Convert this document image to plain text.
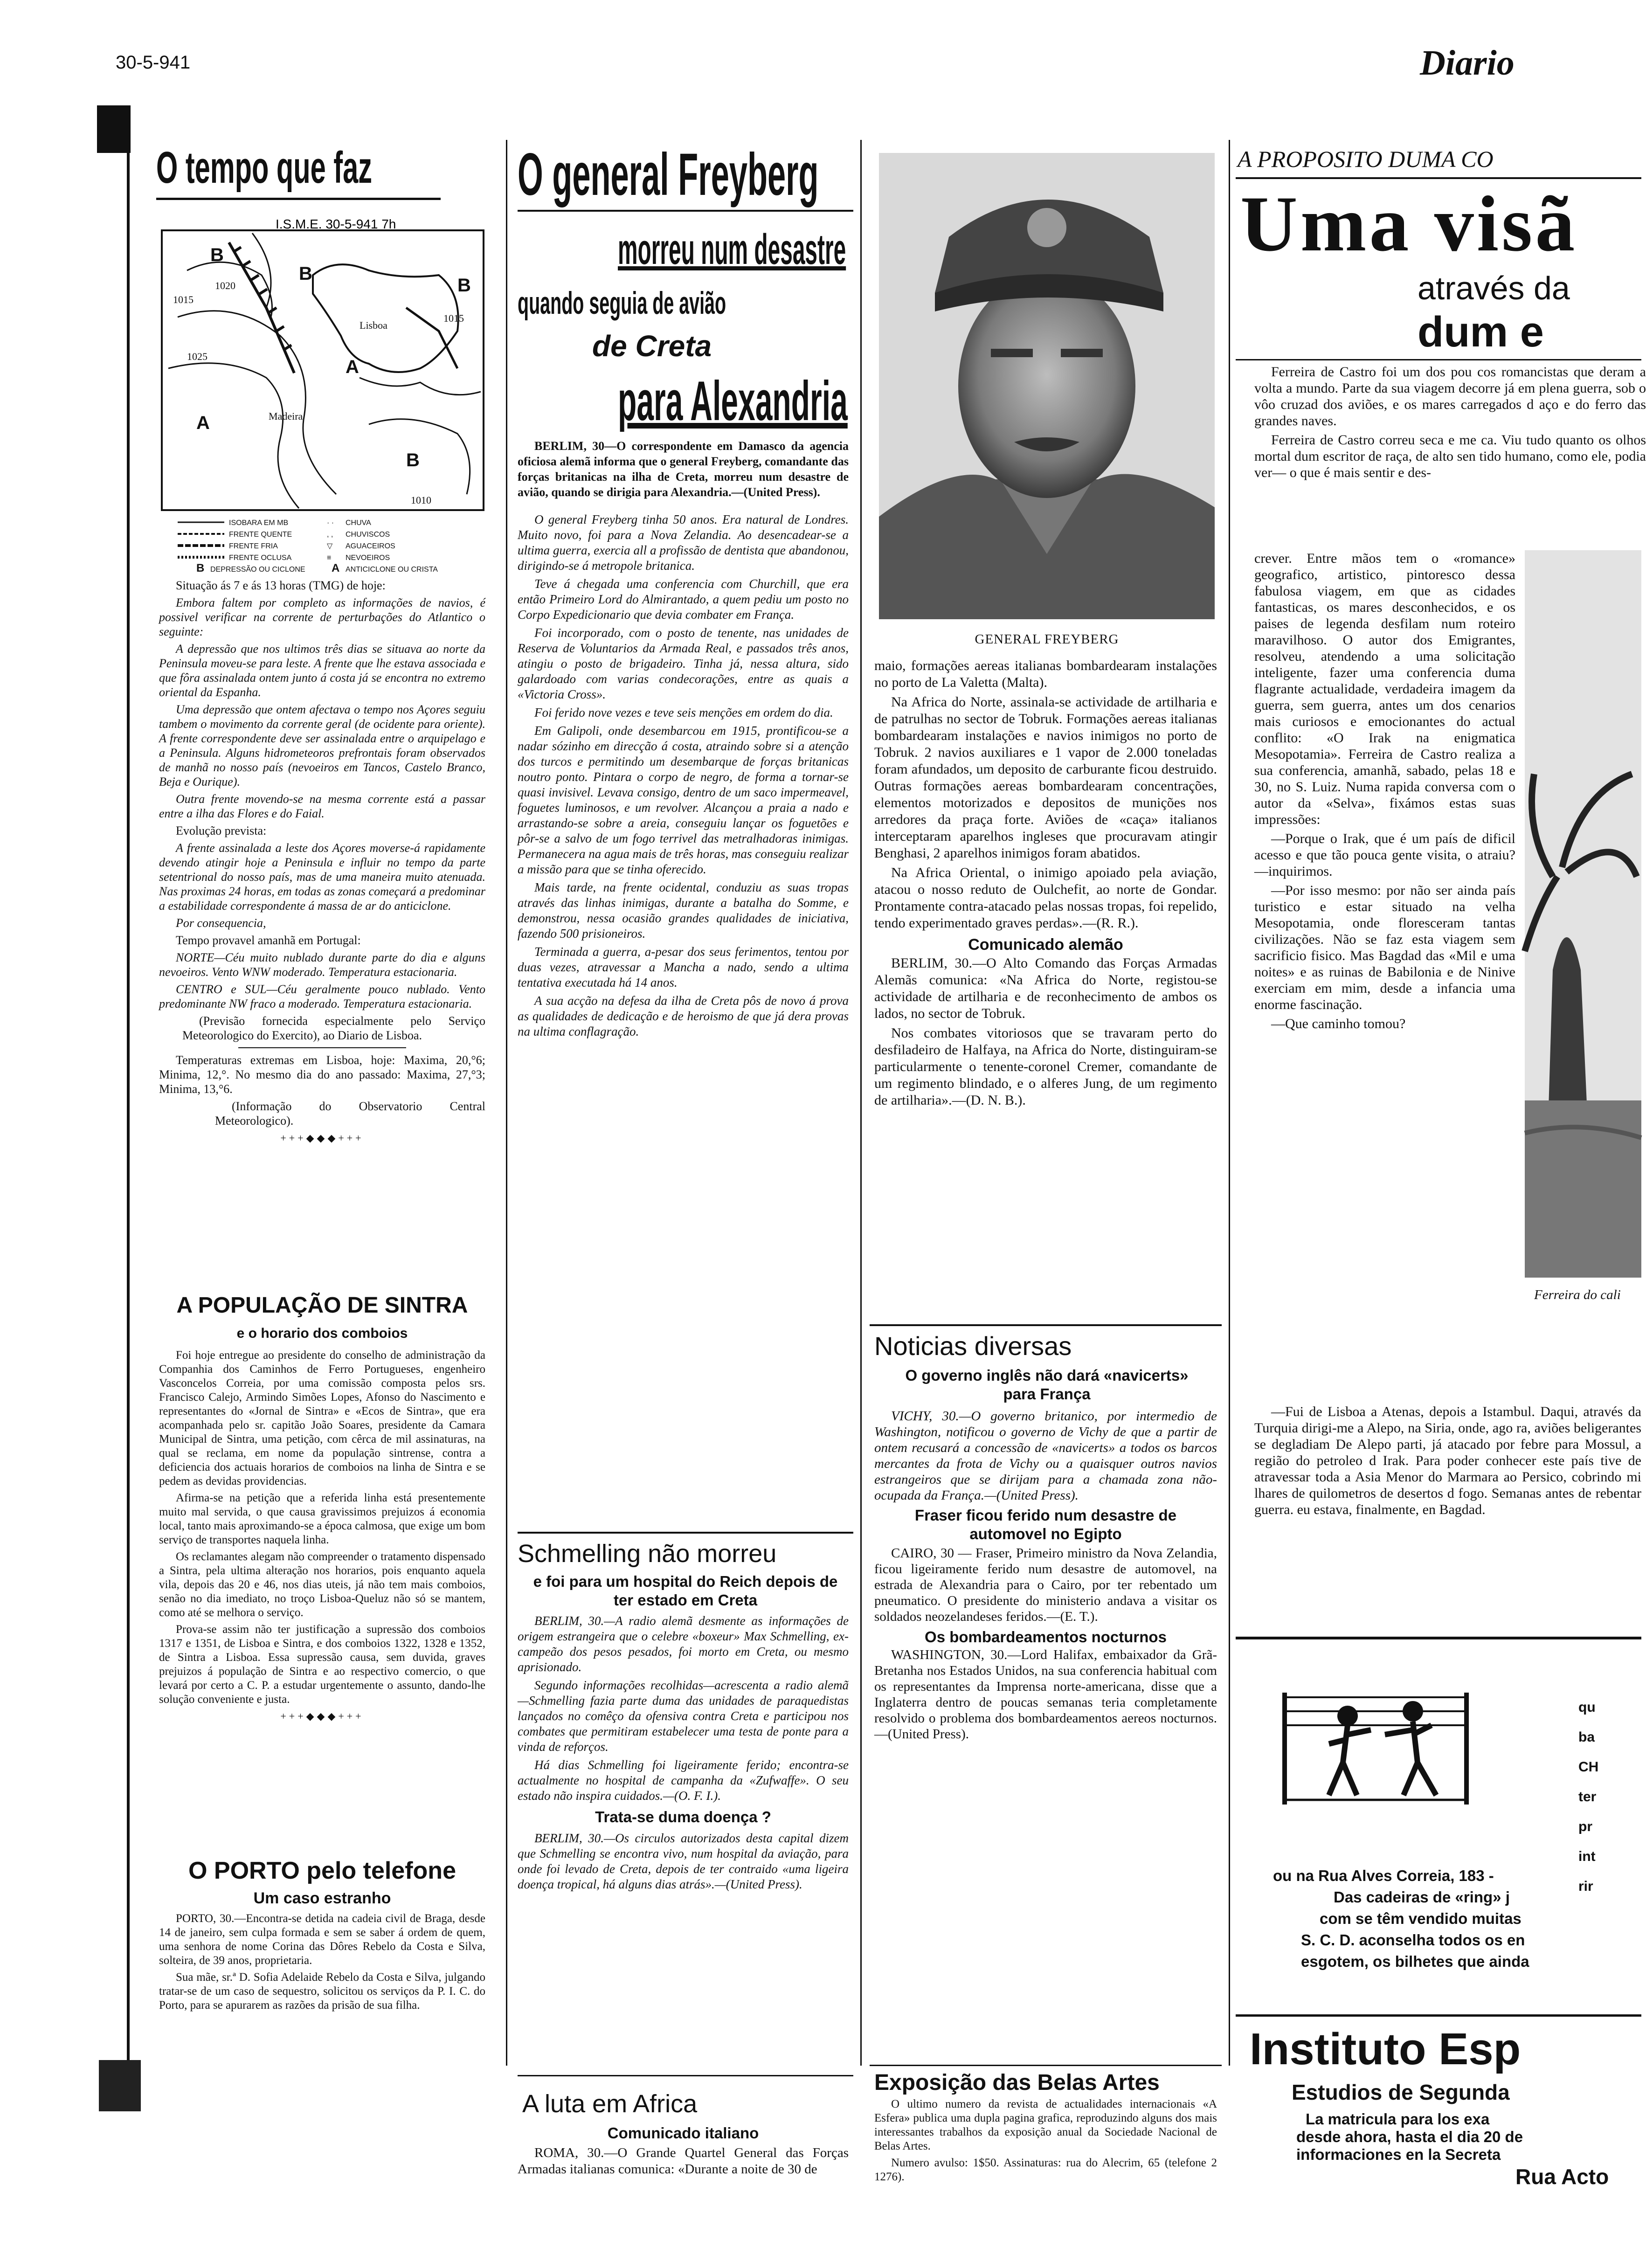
30-5-941	Diario
O tempo que faz
I.S.M.E. 30-5-941 7h
B
B
B
A
B
A
Madeira
Lisboa
1015
1025
1020
1015
1010
ISOBARA EM MB
FRENTE QUENTE
FRENTE FRIA
FRENTE OCLUSA
B DEPRESSÃO OU CICLONE
CHUVA
CHUVISCOS
AGUACEIROS
NEVOEIROS
A ANTICICLONE OU CRISTA
· ·
, ,
▽
≡

Situação ás 7 e ás 13 horas (TMG) de hoje:

Embora faltem por completo as informações de navios, é possivel verificar na corrente de perturbações do Atlantico o seguinte:

A depressão que nos ultimos três dias se situava ao norte da Peninsula moveu-se para leste. A frente que lhe estava associada e que fôra assinalada ontem junto á costa já se encontra no extremo oriental da Espanha.

Uma depressão que ontem afectava o tempo nos Açores seguiu tambem o movimento da corrente geral (de ocidente para oriente). A frente correspondente deve ser assinalada entre o arquipelago e a Peninsula. Alguns hidrometeoros prefrontais foram observados de manhã no nosso país (nevoeiros em Tancos, Castelo Branco, Beja e Ourique).

Outra frente movendo-se na mesma corrente está a passar entre a ilha das Flores e do Faial.

Evolução prevista:

A frente assinalada a leste dos Açores moverse-á rapidamente devendo atingir hoje a Peninsula e influir no tempo da parte setentrional do nosso país, mas de uma maneira muito atenuada. Nas proximas 24 horas, em todas as zonas começará a predominar a estabilidade correspondente á massa de ar do anticiclone.

Por consequencia,

Tempo provavel amanhã em Portugal:

NORTE—Céu muito nublado durante parte do dia e alguns nevoeiros. Vento WNW moderado. Temperatura estacionaria.

CENTRO e SUL—Céu geralmente pouco nublado. Vento predominante NW fraco a moderado. Temperatura estacionaria.

(Previsão fornecida especialmente pelo Serviço Meteorologico do Exercito), ao Diario de Lisboa.

Temperaturas extremas em Lisboa, hoje: Maxima, 20,°6; Minima, 12,°. No mesmo dia do ano passado: Maxima, 27,°3; Minima, 13,°6.

(Informação do Observatorio Central Meteorologico).

+++◆◆◆+++
A POPULAÇÃO DE SINTRA
e o horario dos comboios

Foi hoje entregue ao presidente do conselho de administração da Companhia dos Caminhos de Ferro Portugueses, engenheiro Vasconcelos Correia, por uma comissão composta pelos srs. Francisco Calejo, Armindo Simões Lopes, Afonso do Nascimento e representantes do «Jornal de Sintra» e «Ecos de Sintra», que era acompanhada pelo sr. capitão João Soares, presidente da Camara Municipal de Sintra, uma petição, com cêrca de mil assinaturas, na qual se reclama, em nome da população sintrense, contra a deficiencia dos actuais horarios de comboios na linha de Sintra e se pedem as devidas providencias.

Afirma-se na petição que a referida linha está presentemente muito mal servida, o que causa gravissimos prejuizos á economia local, tanto mais aproximando-se a época calmosa, que exige um bom serviço de transportes naquela linha.

Os reclamantes alegam não compreender o tratamento dispensado a Sintra, pela ultima alteração nos horarios, pois enquanto aquela vila, depois das 20 e 46, nos dias uteis, já não tem mais comboios, senão no dia imediato, no troço Lisboa-Queluz não só se mantem, como até se melhora o serviço.

Prova-se assim não ter justificação a supressão dos comboios 1317 e 1351, de Lisboa e Sintra, e dos comboios 1322, 1328 e 1352, de Sintra a Lisboa. Essa supressão causa, sem duvida, graves prejuizos á população de Sintra e ao respectivo comercio, o que levará por certo a C. P. a estudar urgentemente o assunto, dando-lhe solução conveniente e justa.

+++◆◆◆+++
O PORTO pelo telefone
Um caso estranho

PORTO, 30.—Encontra-se detida na cadeia civil de Braga, desde 14 de janeiro, sem culpa formada e sem se saber á ordem de quem, uma senhora de nome Corina das Dôres Rebelo da Costa e Silva, solteira, de 39 anos, proprietaria.

Sua mãe, sr.ª D. Sofia Adelaide Rebelo da Costa e Silva, julgando tratar-se de um caso de sequestro, solicitou os serviços da P. I. C. do Porto, para se apurarem as razões da prisão de sua filha.

O general Freyberg
morreu num desastre
quando seguia de avião
de Creta
para Alexandria

BERLIM, 30—O correspondente em Damasco da agencia oficiosa alemã informa que o general Freyberg, comandante das forças britanicas na ilha de Creta, morreu num desastre de avião, quando se dirigia para Alexandria.—(United Press).

O general Freyberg tinha 50 anos. Era natural de Londres. Muito novo, foi para a Nova Zelandia. Ao desencadear-se a ultima guerra, exercia all a profissão de dentista que abandonou, dirigindo-se á metropole britanica.

Teve á chegada uma conferencia com Churchill, que era então Primeiro Lord do Almirantado, a quem pediu um posto no Corpo Expedicionario que devia combater em França.

Foi incorporado, com o posto de tenente, nas unidades de Reserva de Voluntarios da Armada Real, e passados três anos, atingiu o posto de brigadeiro. Tinha já, nessa altura, sido galardoado com varias condecorações, entre as quais a «Victoria Cross».

Foi ferido nove vezes e teve seis menções em ordem do dia.

Em Galipoli, onde desembarcou em 1915, prontificou-se a nadar sózinho em direcção á costa, atraindo sobre si a atenção dos turcos e permitindo um desembarque de forças britanicas noutro ponto. Pintara o corpo de negro, de forma a tornar-se quasi invisivel. Levava consigo, dentro de um saco impermeavel, foguetes luminosos, e um revolver. Alcançou a praia a nado e arrastando-se sobre a areia, conseguiu lançar os foguetões e pôr-se a salvo de um fogo terrivel das metralhadoras inimigas. Permanecera na agua mais de três horas, mas conseguiu realizar a missão para que se tinha oferecido.

Mais tarde, na frente ocidental, conduziu as suas tropas através das linhas inimigas, durante a batalha do Somme, e demonstrou, nessa ocasião grandes qualidades de iniciativa, fazendo 500 prisioneiros.

Terminada a guerra, a-pesar dos seus ferimentos, tentou por duas vezes, atravessar a Mancha a nado, sendo a ultima tentativa executada há 14 anos.

A sua acção na defesa da ilha de Creta pôs de novo á prova as qualidades de dedicação e de heroismo de que já dera provas na ultima conflagração.

Schmelling não morreu
e foi para um hospital do Reich depois de ter estado em Creta

BERLIM, 30.—A radio alemã desmente as informações de origem estrangeira que o celebre «boxeur» Max Schmelling, ex-campeão dos pesos pesados, foi morto em Creta, ou mesmo aprisionado.

Segundo informações recolhidas—acrescenta a radio alemã—Schmelling fazia parte duma das unidades de paraquedistas lançados no comêço da ofensiva contra Creta e participou nos combates que permitiram estabelecer uma testa de ponte para a vinda de reforços.

Há dias Schmelling foi ligeiramente ferido; encontra-se actualmente no hospital de campanha da «Zufwaffe». O seu estado não inspira cuidados.—(O. F. I.).

Trata-se duma doença ?

BERLIM, 30.—Os circulos autorizados desta capital dizem que Schmelling se encontra vivo, num hospital da aviação, para onde foi levado de Creta, depois de ter contraido «uma ligeira doença tropical, há alguns dias atrás».—(United Press).

A luta em Africa
Comunicado italiano

ROMA, 30.—O Grande Quartel General das Forças Armadas italianas comunica: «Durante a noite de 30 de

GENERAL FREYBERG

maio, formações aereas italianas bombardearam instalações no porto de La Valetta (Malta).

Na Africa do Norte, assinala-se actividade de artilharia e de patrulhas no sector de Tobruk. Formações aereas italianas bombardearam instalações e navios inimigos no porto de Tobruk. 2 navios auxiliares e 1 vapor de 2.000 toneladas foram afundados, um deposito de carburante ficou destruido. Outras formações aereas bombardearam concentrações, elementos motorizados e depositos de munições nos arredores da praça forte. Aviões de «caça» italianos interceptaram aparelhos ingleses que procuravam atingir Benghasi, 2 aparelhos inimigos foram abatidos.

Na Africa Oriental, o inimigo apoiado pela aviação, atacou o nosso reduto de Oulchefit, ao norte de Gondar. Prontamente contra-atacado pelas nossas tropas, foi repelido, tendo experimentado graves perdas».—(R. R.).

Comunicado alemão

BERLIM, 30.—O Alto Comando das Forças Armadas Alemãs comunica: «Na Africa do Norte, registou-se actividade de artilharia e de reconhecimento de ambos os lados, no sector de Tobruk.

Nos combates vitoriosos que se travaram perto do desfiladeiro de Halfaya, na Africa do Norte, distinguiram-se particularmente o tenente-coronel Cremer, comandante de um regimento blindado, e o alferes Jung, de um regimento de artilharia».—(D. N. B.).

Noticias diversas
O governo inglês não dará «navicerts» para França

VICHY, 30.—O governo britanico, por intermedio de Washington, notificou o governo de Vichy de que a partir de ontem recusará a concessão de «navicerts» a todos os barcos mercantes da frota de Vichy ou a quaisquer outros navios estrangeiros que se dirijam para a chamada zona não-ocupada da França.—(United Press).

Fraser ficou ferido num desastre de automovel no Egipto

CAIRO, 30 — Fraser, Primeiro ministro da Nova Zelandia, ficou ligeiramente ferido num desastre de automovel, na estrada de Alexandria para o Cairo, por ter rebentado um pneumatico. O presidente do ministerio andava a visitar os soldados neozelandeses feridos.—(E. T.).

Os bombardeamentos nocturnos

WASHINGTON, 30.—Lord Halifax, embaixador da Grã-Bretanha nos Estados Unidos, na sua conferencia habitual com os representantes da Imprensa norte-americana, disse que a Inglaterra dentro de poucas semanas teria completamente resolvido o problema dos bombardeamentos aereos nocturnos.—(United Press).

Exposição das Belas Artes

O ultimo numero da revista de actualidades internacionais «A Esfera» publica uma dupla pagina grafica, reproduzindo alguns dos mais interessantes trabalhos da exposição anual da Sociedade Nacional de Belas Artes.

Numero avulso: 1$50. Assinaturas: rua do Alecrim, 65 (telefone 2 1276).

A PROPOSITO DUMA CO
Uma visã
através da
dum e

Ferreira de Castro foi um dos pou cos romancistas que deram a volta a mundo. Parte da sua viagem decorre já em plena guerra, sob o vôo cruzad dos aviões, e os mares carregados d aço e do ferro das grandes naves.

Ferreira de Castro correu seca e me ca. Viu tudo quanto os olhos mortal dum escritor de raça, de alto sen tido humano, como ele, podia ver— o que é mais sentir e des-

crever. Entre mãos tem o «romance» geografico, artistico, pintoresco dessa fabulosa viagem, em que as cidades fantasticas, os mares desconhecidos, e os paises de legenda desfilam num roteiro maravilhoso. O autor dos Emigrantes, resolveu, atendendo a uma solicitação inteligente, fazer uma conferencia duma flagrante actualidade, verdadeira imagem da guerra, sem guerra, antes um dos cenarios mais curiosos e emocionantes do actual conflito: «O Irak na enigmatica Mesopotamia». Ferreira de Castro realiza a sua conferencia, amanhã, sabado, pelas 18 e 30, no S. Luiz. Numa rapida conversa com o autor da «Selva», fixámos estas suas impressões:

—Porque o Irak, que é um país de dificil acesso e que tão pouca gente visita, o atraiu?—inquirimos.

—Por isso mesmo: por não ser ainda país turistico e estar situado na velha Mesopotamia, onde floresceram tantas civilizações. Não se faz esta viagem sem sacrificio fisico. Mas Bagdad das «Mil e uma noites» e as ruinas de Babilonia e de Ninive exerciam em mim, desde a infancia uma enorme fascinação.

—Que caminho tomou?

—Fui de Lisboa a Atenas, depois a Istambul. Daqui, através da Turquia dirigi-me a Alepo, na Siria, onde, ago ra, aviões beligerantes se degladiam De Alepo parti, já atacado por febre para Mossul, a região do petroleo d Irak. Para poder conhecer este país tive de atravessar toda a Asia Menor do Marmara ao Persico, cobrindo mi lhares de quilometros de desertos d fogo. Semanas antes de rebentar guerra. eu estava, finalmente, en Bagdad.

Ferreira do cali
qu
ba
CH
ter
pr
int
rir
ou na Rua Alves Correia, 183 -
Das cadeiras de «ring» j
com se têm vendido muitas
S. C. D. aconselha todos os en
esgotem, os bilhetes que ainda
Instituto Esp
Estudios de Segunda
La matricula para los exa
desde ahora, hasta el dia 20 de
informaciones en la Secreta
Rua Acto
